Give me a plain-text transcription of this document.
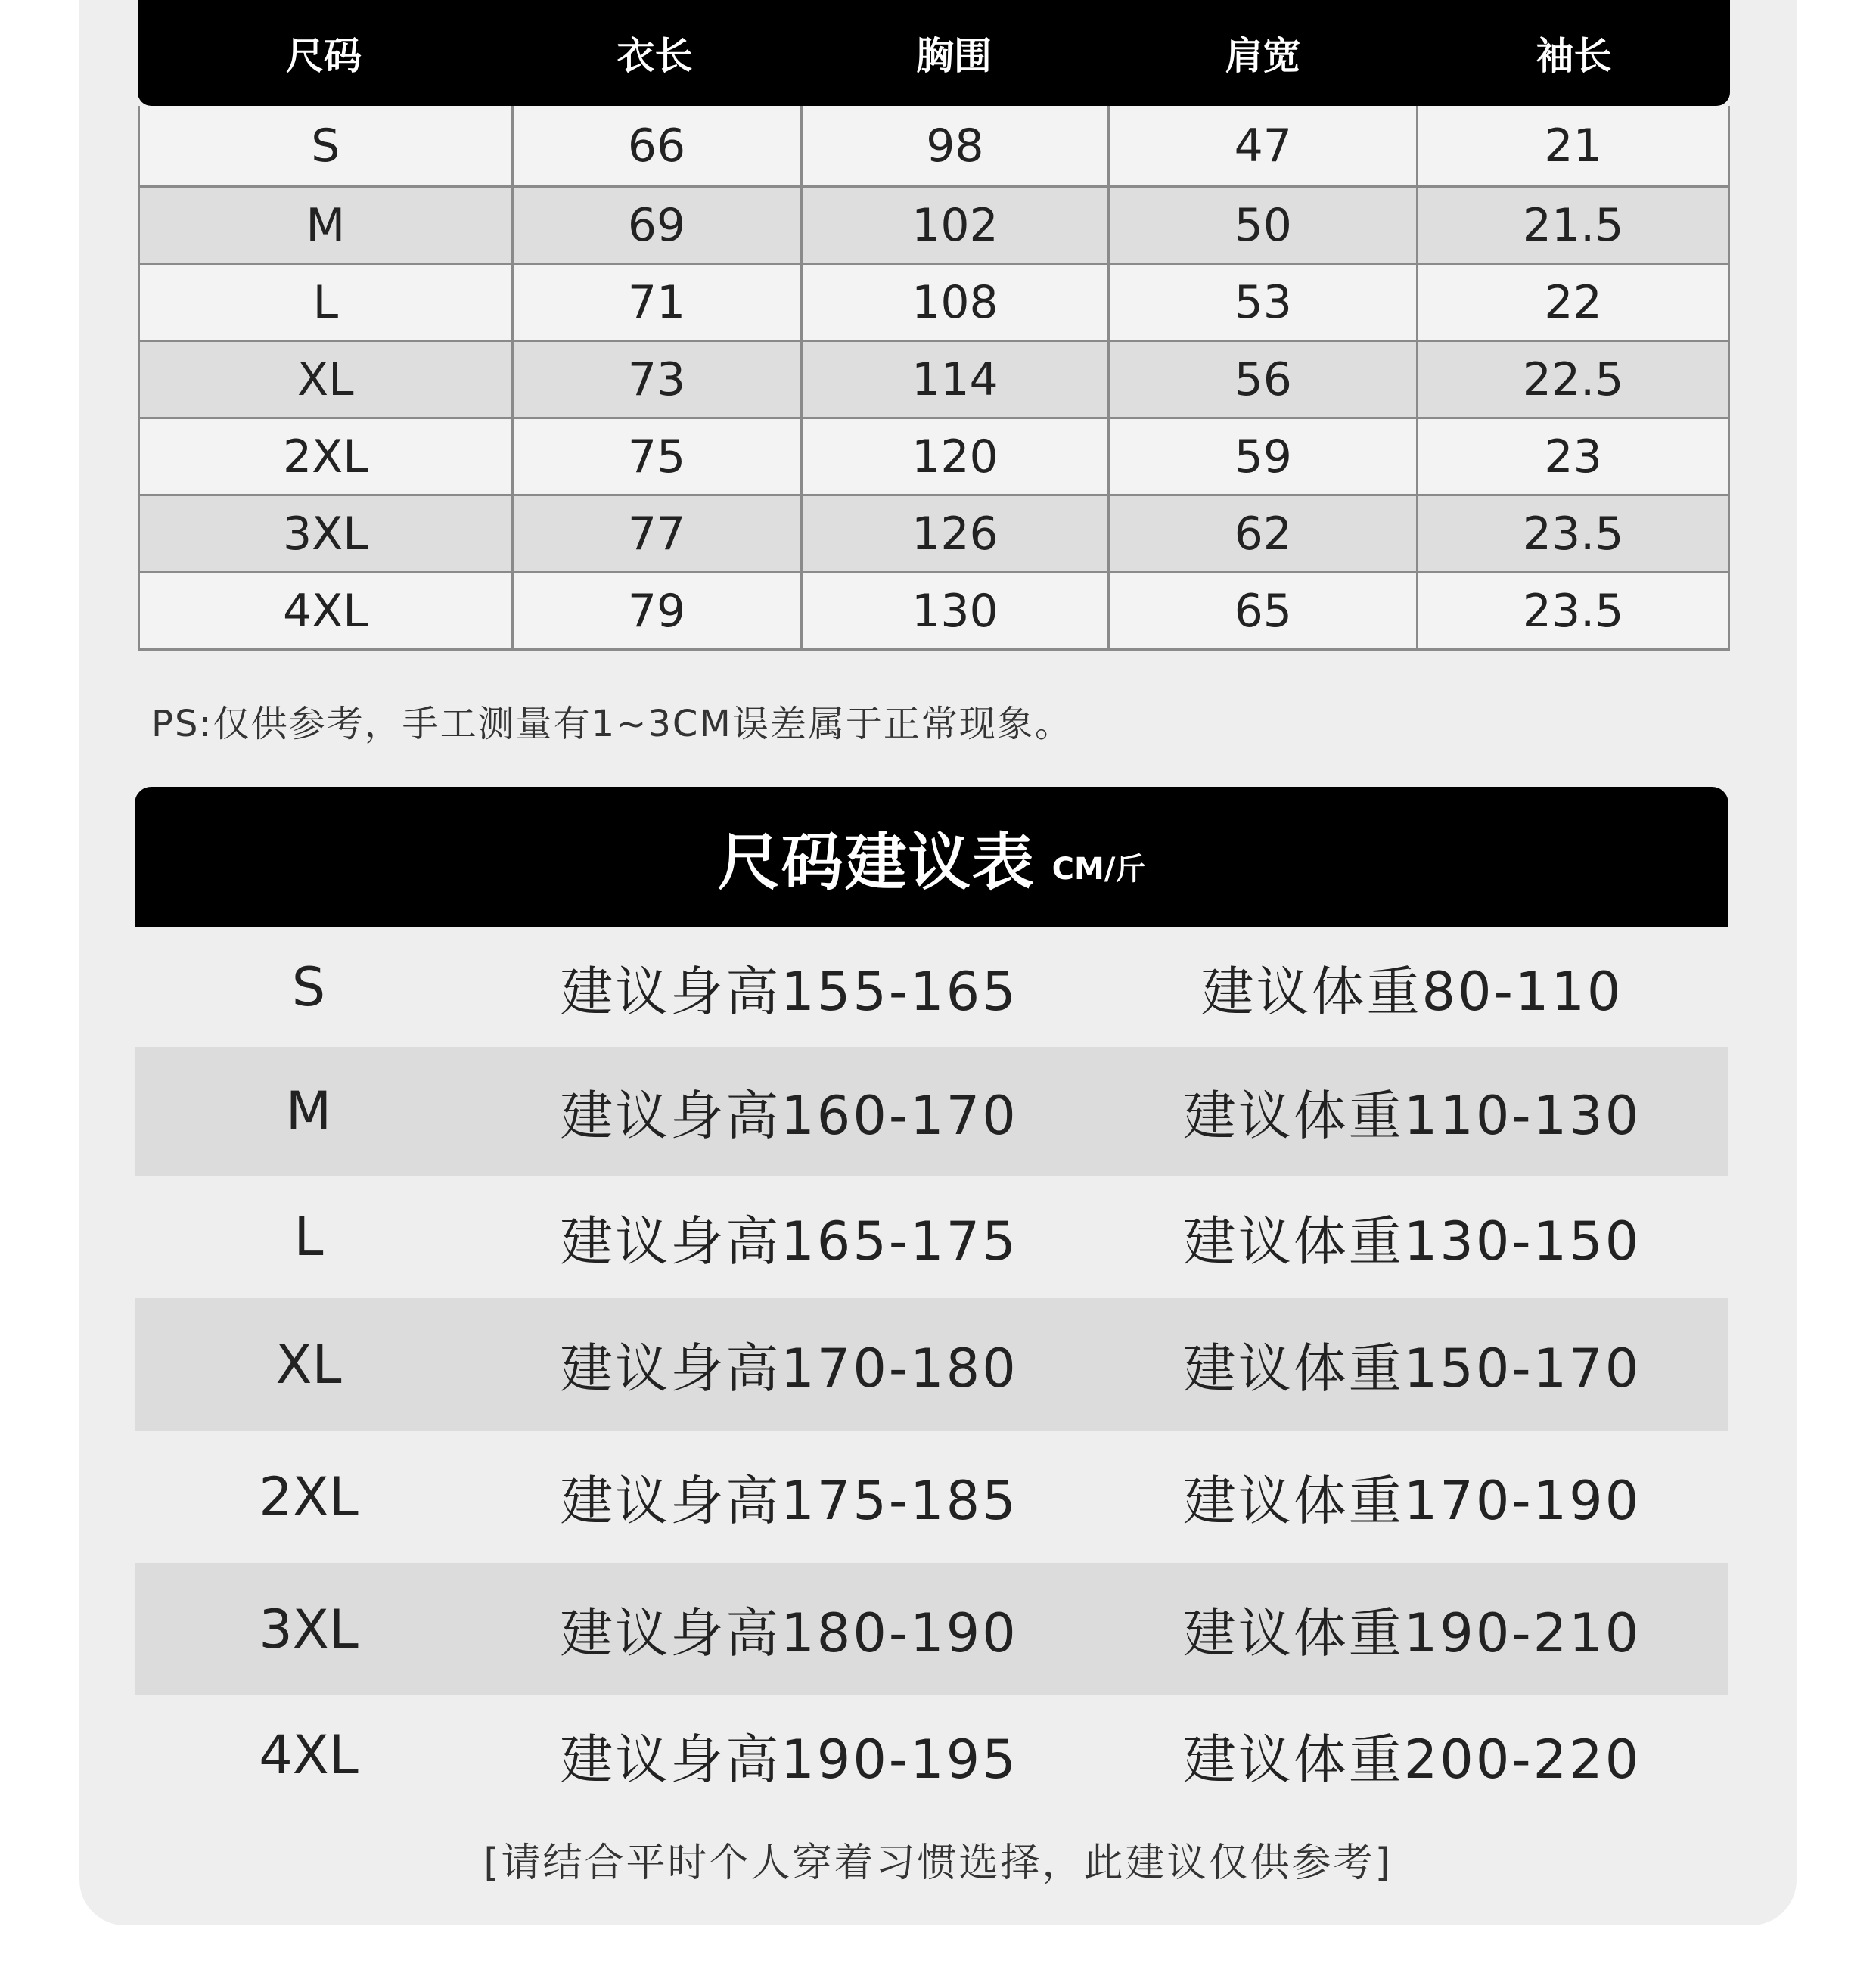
尺码	衣长	胸围	肩宽	袖长
S	66	98	47	21
M	69	102	50	21.5
L	71	108	53	22
XL	73	114	56	22.5
2XL	75	120	59	23
3XL	77	126	62	23.5
4XL	79	130	65	23.5
PS:仅供参考，手工测量有1~3CM误差属于正常现象。
尺码建议表 CM/斤
S	建议身高155-165	建议体重80-110
M	建议身高160-170	建议体重110-130
L	建议身高165-175	建议体重130-150
XL	建议身高170-180	建议体重150-170
2XL	建议身高175-185	建议体重170-190
3XL	建议身高180-190	建议体重190-210
4XL	建议身高190-195	建议体重200-220
[请结合平时个人穿着习惯选择，此建议仅供参考]
